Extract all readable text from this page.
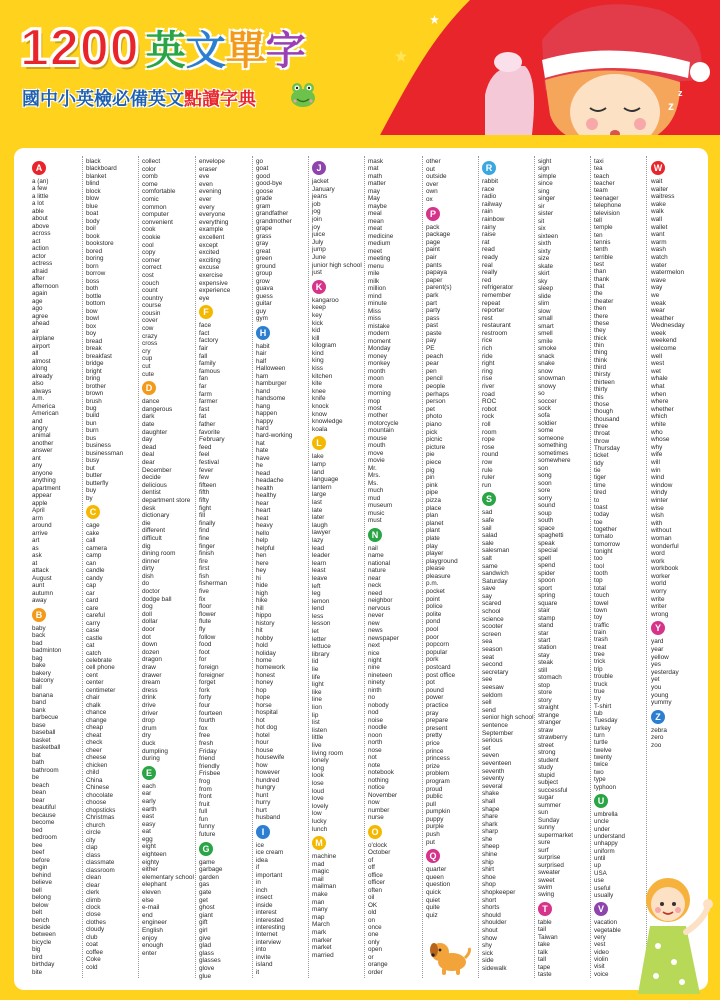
1200 英文單字
國中小英檢必備英文點讀字典	z
z
A
a (an)
a few
a little
a lot
able
about
above
across
act
action
actor
actress
afraid
after
afternoon
again
age
ago
agree
ahead
air
airplane
airport
all
almost
along
already
also
always
a.m.
America
American
and
angry
animal
another
answer
ant
any
anyone
anything
apartment
appear
apple
April
arm
around
arrive
art
as
ask
at
attack
August
aunt
autumn
away
B
baby
back
bad
badminton
bag
bake
bakery
balcony
ball
banana
band
bank
barbecue
base
baseball
basket
basketball
bat
bath
bathroom
be
beach
bean
bear
beautiful
because
become
bed
bedroom
bee
beef
before
begin
behind
believe
bell
belong
below
belt
bench
beside
between
bicycle
big
bird
birthday
bite
black
blackboard
blanket
blind
block
blow
blue
boat
body
boil
book
bookstore
bored
boring
born
borrow
boss
both
bottle
bottom
bow
bowl
box
boy
bread
break
breakfast
bridge
bright
bring
brother
brown
brush
bug
build
bun
burn
bus
business
businessman
busy
but
butter
butterfly
buy
by
C
cage
cake
call
camera
camp
can
candle
candy
cap
car
card
care
careful
carry
case
castle
cat
catch
celebrate
cell phone
cent
center
centimeter
chair
chalk
chance
change
cheap
cheat
check
cheer
cheese
chicken
child
China
Chinese
chocolate
choose
chopsticks
Christmas
church
circle
city
clap
class
classmate
classroom
clean
clear
clerk
climb
clock
close
clothes
cloudy
club
coat
coffee
Coke
cold
collect
color
comb
come
comfortable
comic
common
computer
convenient
cook
cookie
cool
copy
corner
correct
cost
couch
count
country
course
cousin
cover
cow
crazy
cross
cry
cup
cut
cute
D
dance
dangerous
dark
date
daughter
day
dead
deal
dear
December
decide
delicious
dentist
department store
desk
dictionary
die
different
difficult
dig
dining room
dinner
dirty
dish
do
doctor
dodge ball
dog
doll
dollar
door
dot
down
dozen
dragon
draw
drawer
dream
dress
drink
drive
driver
drop
drum
dry
duck
dumpling
during
E
each
ear
early
earth
east
easy
eat
egg
eight
eighteen
eighty
either
elementary school
elephant
eleven
else
e-mail
end
engineer
English
enjoy
enough
enter
envelope
eraser
eve
even
evening
ever
every
everyone
everything
example
excellent
except
excited
exciting
excuse
exercise
expensive
experience
eye
F
face
fact
factory
fair
fall
family
famous
fan
far
farm
farmer
fast
fat
father
favorite
February
feed
feel
festival
fever
few
fifteen
fifth
fifty
fight
fill
finally
find
fine
finger
finish
fire
first
fish
fisherman
five
fix
floor
flower
flute
fly
follow
food
foot
for
foreign
foreigner
forget
fork
forty
four
fourteen
fourth
fox
free
fresh
Friday
friend
friendly
Frisbee
frog
from
front
fruit
full
fun
funny
future
G
game
garbage
garden
gas
gate
get
ghost
giant
gift
girl
give
glad
glass
glasses
glove
glue
go
goat
good
good-bye
goose
grade
gram
grandfather
grandmother
grape
grass
gray
great
green
ground
group
grow
guava
guess
guitar
guy
gym
H
habit
hair
half
Halloween
ham
hamburger
hand
handsome
hang
happen
happy
hard
hard-working
hat
hate
have
he
head
headache
health
healthy
hear
heart
heat
heavy
hello
help
helpful
hen
here
hey
hi
hide
high
hike
hill
hippo
history
hit
hobby
hold
holiday
home
homework
honest
honey
hop
hope
horse
hospital
hot
hot dog
hotel
hour
house
housewife
how
however
hundred
hungry
hunt
hurry
hurt
husband
I
ice
ice cream
idea
if
important
in
inch
insect
inside
interest
interested
interesting
Internet
interview
into
invite
island
it
J
jacket
January
jeans
job
jog
join
joy
juice
July
jump
June
junior high school
just
K
kangaroo
keep
key
kick
kid
kill
kilogram
kind
king
kiss
kitchen
kite
knee
knife
knock
know
knowledge
koala
L
lake
lamp
land
language
lantern
large
last
late
later
laugh
lawyer
lazy
lead
leader
learn
least
leave
left
leg
lemon
lend
less
lesson
let
letter
lettuce
library
lid
lie
life
light
like
line
lion
lip
list
listen
little
live
living room
lonely
long
look
lose
loud
love
lovely
low
lucky
lunch
M
machine
mad
magic
mail
mailman
make
man
many
map
March
mark
marker
market
married
mask
mat
math
matter
may
May
maybe
meal
mean
meat
medicine
medium
meet
meeting
menu
mile
milk
million
mind
minute
Miss
miss
mistake
modern
moment
Monday
money
monkey
month
moon
more
morning
mop
most
mother
motorcycle
mountain
mouse
mouth
move
movie
Mr.
Mrs.
Ms.
much
mud
museum
music
must
N
nail
name
national
nature
near
neck
need
neighbor
nervous
never
new
news
newspaper
next
nice
night
nine
nineteen
ninety
ninth
no
nobody
nod
noise
noodle
noon
north
nose
not
note
notebook
nothing
notice
November
now
number
nurse
O
o'clock
October
of
off
office
officer
often
oil
OK
old
on
once
one
only
open
or
orange
order
other
out
outside
over
own
ox
P
pack
package
page
paint
pair
pants
papaya
paper
parent(s)
park
part
party
pass
past
paste
pay
PE
peach
pear
pen
pencil
people
perhaps
person
pet
photo
piano
pick
picnic
picture
pie
piece
pig
pin
pink
pipe
pizza
place
plan
planet
plant
plate
play
player
playground
please
pleasure
p.m.
pocket
point
police
polite
pond
pool
poor
popcorn
popular
pork
postcard
post office
pot
pound
power
practice
pray
prepare
present
pretty
price
prince
princess
prize
problem
program
proud
public
pull
pumpkin
puppy
purple
push
put
Q
quarter
queen
question
quick
quiet
quite
quiz
R
rabbit
race
radio
railway
rain
rainbow
rainy
raise
rat
read
ready
real
really
red
refrigerator
remember
repeat
reporter
rest
restaurant
restroom
rice
rich
ride
right
ring
rise
river
road
ROC
robot
rock
roll
room
rope
rose
round
row
rule
ruler
run
S
sad
safe
sail
salad
sale
salesman
salt
same
sandwich
Saturday
save
say
scared
school
science
scooter
screen
sea
season
seat
second
secretary
see
seesaw
seldom
sell
send
senior high school
sentence
September
serious
set
seven
seventeen
seventh
seventy
several
shake
shall
shape
share
shark
sharp
she
sheep
shine
ship
shirt
shoe
shop
shopkeeper
short
shorts
should
shoulder
shout
show
shy
sick
side
sidewalk
sight
sign
simple
since
sing
singer
sir
sister
sit
six
sixteen
sixth
sixty
size
skate
skirt
sky
sleep
slide
slim
slow
small
smart
smell
smile
smoke
snack
snake
snow
snowman
snowy
so
soccer
sock
sofa
soldier
some
someone
something
sometimes
somewhere
son
song
soon
sore
sorry
sound
soup
south
space
spaghetti
speak
special
spell
spend
spider
spoon
sport
spring
square
stair
stamp
stand
star
start
station
stay
steak
still
stomach
stop
store
story
straight
strange
stranger
straw
strawberry
street
strong
student
study
stupid
subject
successful
sugar
summer
sun
Sunday
sunny
supermarket
sure
surf
surprise
surprised
sweater
sweet
swim
swing
T
table
tail
Taiwan
take
talk
tall
tape
taste
taxi
tea
teach
teacher
team
teenager
telephone
television
tell
temple
ten
tennis
tenth
terrible
test
than
thank
that
the
theater
then
there
these
they
thick
thin
thing
think
third
thirsty
thirteen
thirty
this
those
though
thousand
three
throat
throw
Thursday
ticket
tidy
tie
tiger
time
tired
to
toast
today
toe
together
tomato
tomorrow
tonight
too
tool
tooth
top
total
touch
towel
town
toy
traffic
train
trash
treat
tree
trick
trip
trouble
truck
true
try
T-shirt
tub
Tuesday
turkey
turn
turtle
twelve
twenty
twice
two
type
typhoon
U
umbrella
uncle
under
understand
unhappy
uniform
until
up
USA
use
useful
usually
V
vacation
vegetable
very
vest
video
violin
visit
voice
W
wait
waiter
waitress
wake
walk
wall
wallet
want
warm
wash
watch
water
watermelon
wave
way
we
weak
wear
weather
Wednesday
week
weekend
welcome
well
west
wet
whale
what
when
where
whether
which
white
who
whose
why
wife
will
win
wind
window
windy
winter
wise
wish
with
without
woman
wonderful
word
work
workbook
worker
world
worry
write
writer
wrong
Y
yard
year
yellow
yes
yesterday
yet
you
young
yummy
Z
zebra
zero
zoo
